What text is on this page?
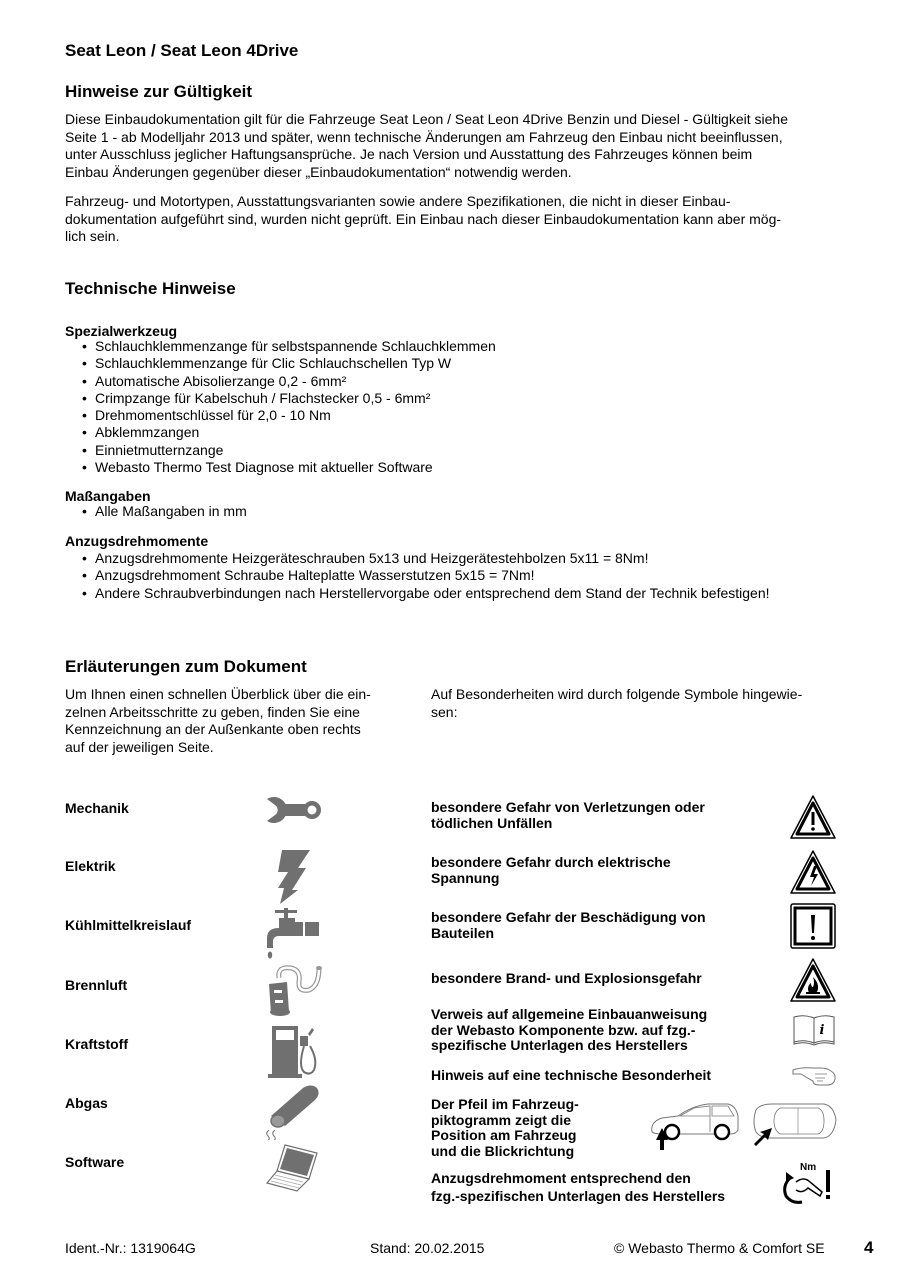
Seat Leon / Seat Leon 4Drive
Hinweise zur Gültigkeit
Diese Einbaudokumentation gilt für die Fahrzeuge Seat Leon / Seat Leon 4Drive Benzin und Diesel - Gültigkeit siehe
Seite 1 - ab Modelljahr 2013 und später, wenn technische Änderungen am Fahrzeug den Einbau nicht beeinflussen,
unter Ausschluss jeglicher Haftungsansprüche. Je nach Version und Ausstattung des Fahrzeuges können beim
Einbau Änderungen gegenüber dieser „Einbaudokumentation“ notwendig werden.
Fahrzeug- und Motortypen, Ausstattungsvarianten sowie andere Spezifikationen, die nicht in dieser Einbau-
dokumentation aufgeführt sind, wurden nicht geprüft. Ein Einbau nach dieser Einbaudokumentation kann aber mög-
lich sein.
Technische Hinweise
Spezialwerkzeug
• Schlauchklemmenzange für selbstspannende Schlauchklemmen
• Schlauchklemmenzange für Clic Schlauchschellen Typ W
• Automatische Abisolierzange 0,2 - 6mm²
• Crimpzange für Kabelschuh / Flachstecker 0,5 - 6mm²
• Drehmomentschlüssel für 2,0 - 10 Nm
• Abklemmzangen
• Einnietmutternzange
• Webasto Thermo Test Diagnose mit aktueller Software
Maßangaben
• Alle Maßangaben in mm
Anzugsdrehmomente
• Anzugsdrehmomente Heizgeräteschrauben 5x13 und Heizgerätestehbolzen 5x11 = 8Nm!
• Anzugsdrehmoment Schraube Halteplatte Wasserstutzen 5x15 = 7Nm!
• Andere Schraubverbindungen nach Herstellervorgabe oder entsprechend dem Stand der Technik befestigen!
Erläuterungen zum Dokument
Um Ihnen einen schnellen Überblick über die ein-
zelnen Arbeitsschritte zu geben, finden Sie eine
Kennzeichnung an der Außenkante oben rechts
auf der jeweiligen Seite.
Auf Besonderheiten wird durch folgende Symbole hingewie-
sen:
Mechanik
Elektrik
Kühlmittelkreislauf
Brennluft
Kraftstoff
Abgas
Software
besondere Gefahr von Verletzungen oder
tödlichen Unfällen
besondere Gefahr durch elektrische
Spannung
besondere Gefahr der Beschädigung von
Bauteilen
besondere Brand- und Explosionsgefahr
Verweis auf allgemeine Einbauanweisung
der Webasto Komponente bzw. auf fzg.-
spezifische Unterlagen des Herstellers
i
Hinweis auf eine technische Besonderheit
Der Pfeil im Fahrzeug-
piktogramm zeigt die
Position am Fahrzeug
und die Blickrichtung
Anzugsdrehmoment entsprechend den
fzg.-spezifischen Unterlagen des Herstellers
Nm
Ident.-Nr.: 1319064G	Stand: 20.02.2015	© Webasto Thermo & Comfort SE 4
